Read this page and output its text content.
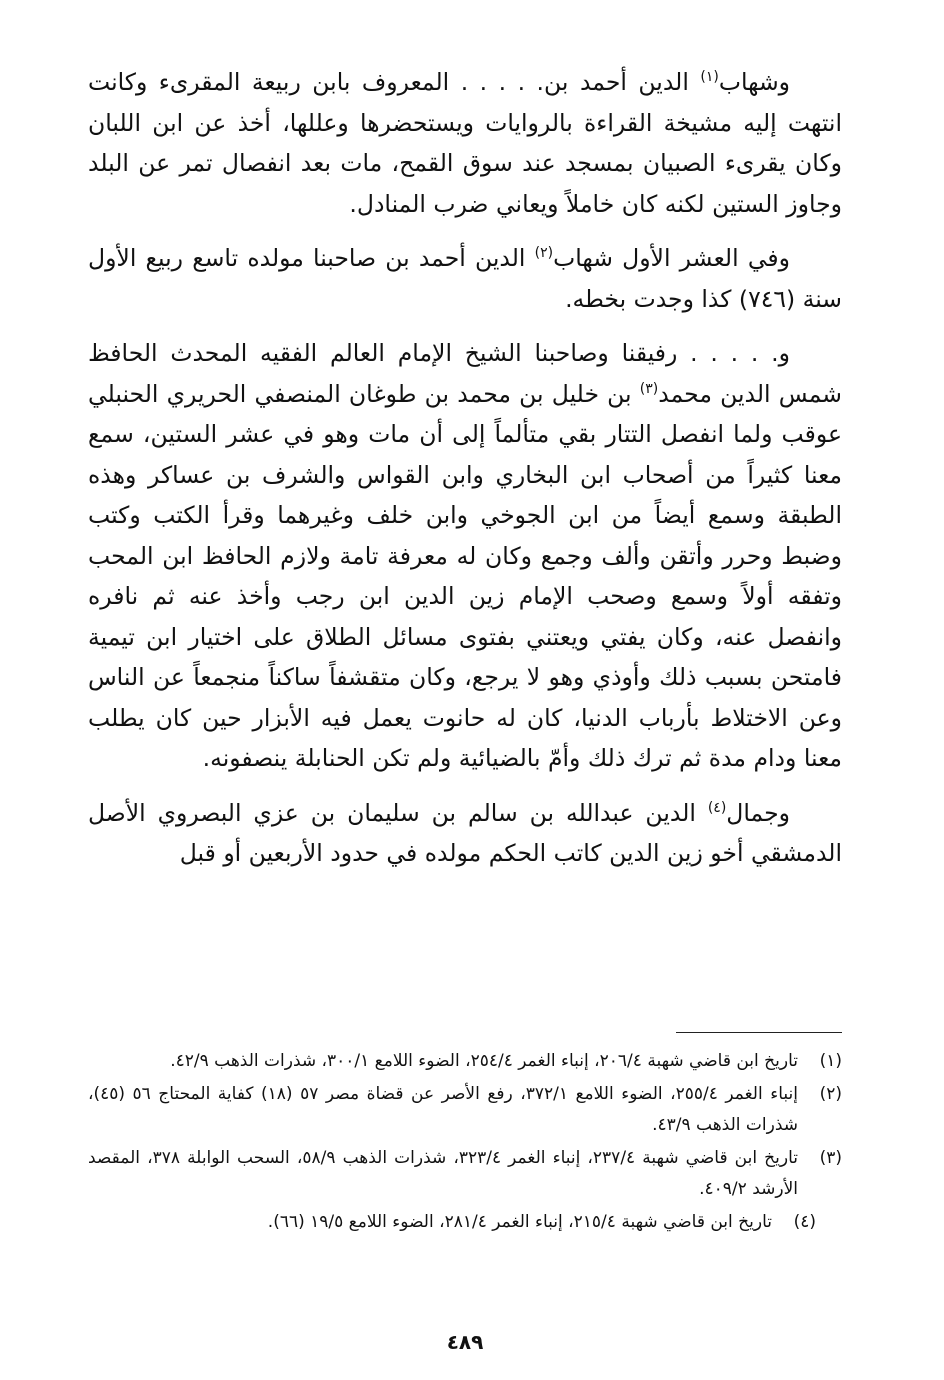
وشهاب$^{(١)}$ الدين أحمد بن. . . . . المعروف بابن ربيعة المقرىء وكانت انتهت إليه مشيخة القراءة بالروايات ويستحضرها وعللها، أخذ عن ابن اللبان وكان يقرىء الصبيان بمسجد عند سوق القمح، مات بعد انفصال تمر عن البلد وجاوز الستين لكنه كان خاملاً ويعاني ضرب المنادل.

وفي العشر الأول شهاب$^{(٢)}$ الدين أحمد بن صاحبنا مولده تاسع ربيع الأول سنة (٧٤٦) كذا وجدت بخطه.

و. . . . . رفيقنا وصاحبنا الشيخ الإمام العالم الفقيه المحدث الحافظ شمس الدين محمد$^{(٣)}$ بن خليل بن محمد بن طوغان المنصفي الحريري الحنبلي عوقب ولما انفصل التتار بقي متألماً إلى أن مات وهو في عشر الستين، سمع معنا كثيراً من أصحاب ابن البخاري وابن القواس والشرف بن عساكر وهذه الطبقة وسمع أيضاً من ابن الجوخي وابن خلف وغيرهما وقرأ الكتب وكتب وضبط وحرر وأتقن وألف وجمع وكان له معرفة تامة ولازم الحافظ ابن المحب وتفقه أولاً وسمع وصحب الإمام زين الدين ابن رجب وأخذ عنه ثم نافره وانفصل عنه، وكان يفتي ويعتني بفتوى مسائل الطلاق على اختيار ابن تيمية فامتحن بسبب ذلك وأوذي وهو لا يرجع، وكان متقشفاً ساكناً منجمعاً عن الناس وعن الاختلاط بأرباب الدنيا، كان له حانوت يعمل فيه الأبزار حين كان يطلب معنا ودام مدة ثم ترك ذلك وأمّ بالضيائية ولم تكن الحنابلة ينصفونه.

وجمال$^{(٤)}$ الدين عبدالله بن سالم بن سليمان بن عزي البصروي الأصل الدمشقي أخو زين الدين كاتب الحكم مولده في حدود الأربعين أو قبل

(١)
تاريخ ابن قاضي شهبة ٢٠٦/٤، إنباء الغمر ٢٥٤/٤، الضوء اللامع ٣٠٠/١، شذرات الذهب ٤٢/٩.
(٢)
إنباء الغمر ٢٥٥/٤، الضوء اللامع ٣٧٢/١، رفع الأصر عن قضاة مصر ٥٧ (١٨) كفاية المحتاج ٥٦ (٤٥)، شذرات الذهب ٤٣/٩.
(٣)
تاريخ ابن قاضي شهبة ٢٣٧/٤، إنباء الغمر ٣٢٣/٤، شذرات الذهب ٥٨/٩، السحب الوابلة ٣٧٨، المقصد الأرشد ٤٠٩/٢.
(٤)
تاريخ ابن قاضي شهبة ٢١٥/٤، إنباء الغمر ٢٨١/٤، الضوء اللامع ١٩/٥ (٦٦).
٤٨٩
